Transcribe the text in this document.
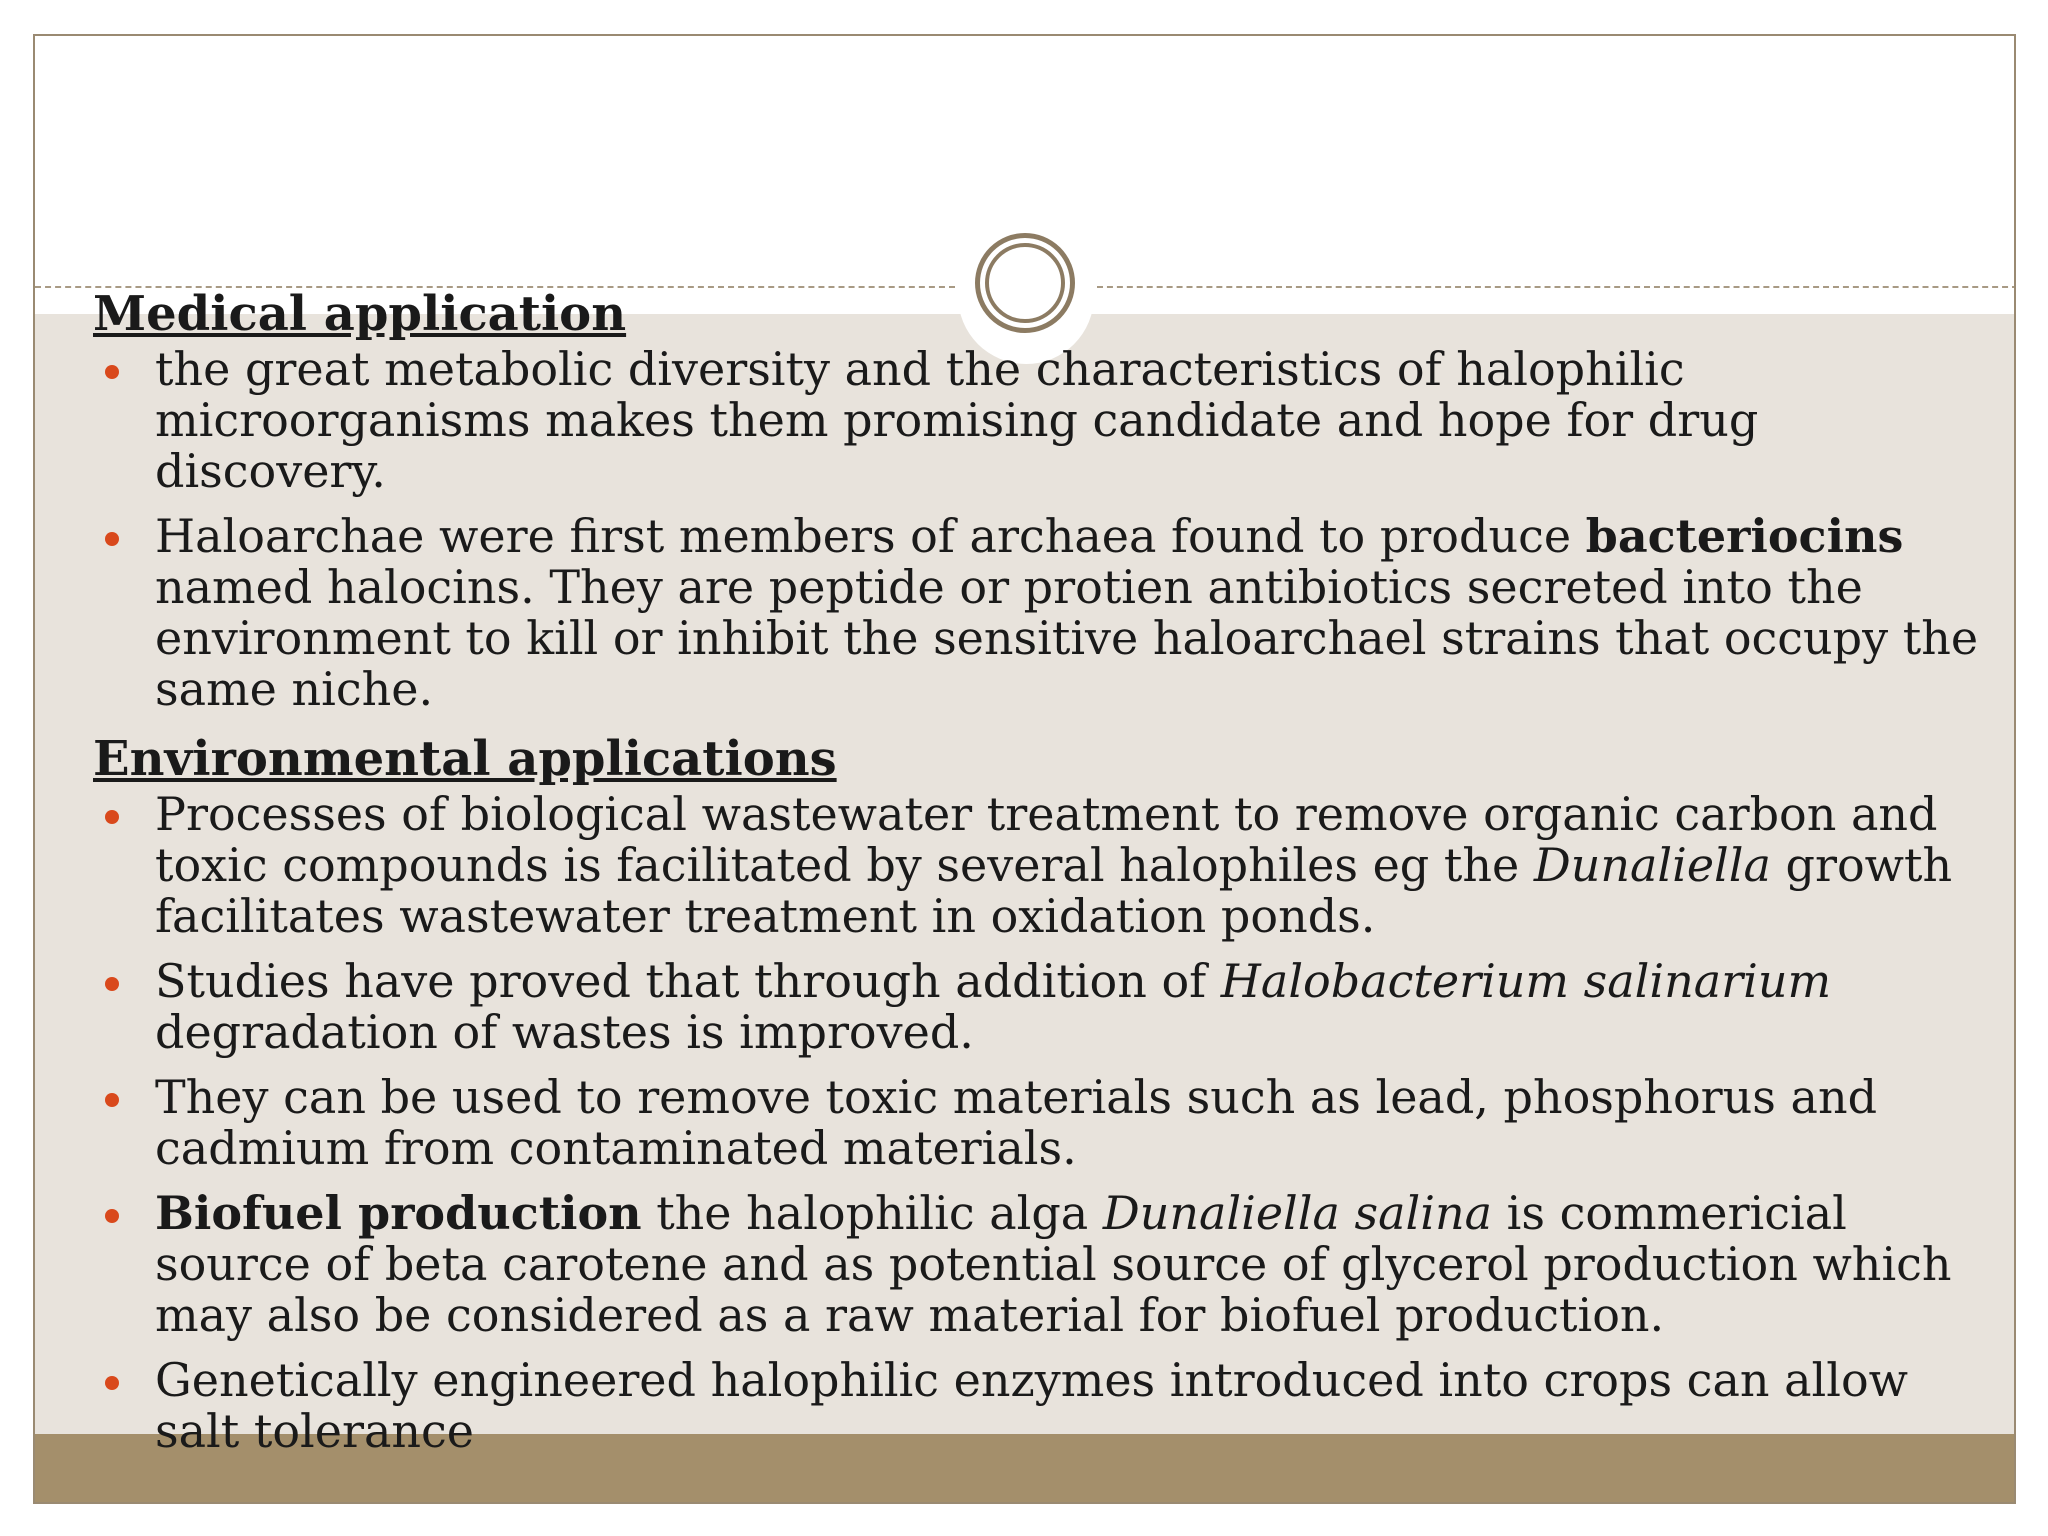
Medical application

the great metabolic diversity and the characteristics of halophilic microorganisms makes them promising candidate and hope for drug discovery.
Haloarchae were first members of archaea found to produce bacteriocins named halocins. They are peptide or protien antibiotics secreted into the environment to kill or inhibit the sensitive haloarchael strains that occupy the same niche.

Environmental applications

Processes of biological wastewater treatment to remove organic carbon and toxic compounds is facilitated by several halophiles eg the Dunaliella growth facilitates wastewater treatment in oxidation ponds.
Studies have proved that through addition of Halobacterium salinarium degradation of wastes is improved.
They can be used to remove toxic materials such as lead, phosphorus and cadmium from contaminated materials.
Biofuel production the halophilic alga Dunaliella salina is commericial source of beta carotene and as potential source of glycerol production which may also be considered as a raw material for biofuel production.
Genetically engineered halophilic enzymes introduced into crops can allow salt tolerance
